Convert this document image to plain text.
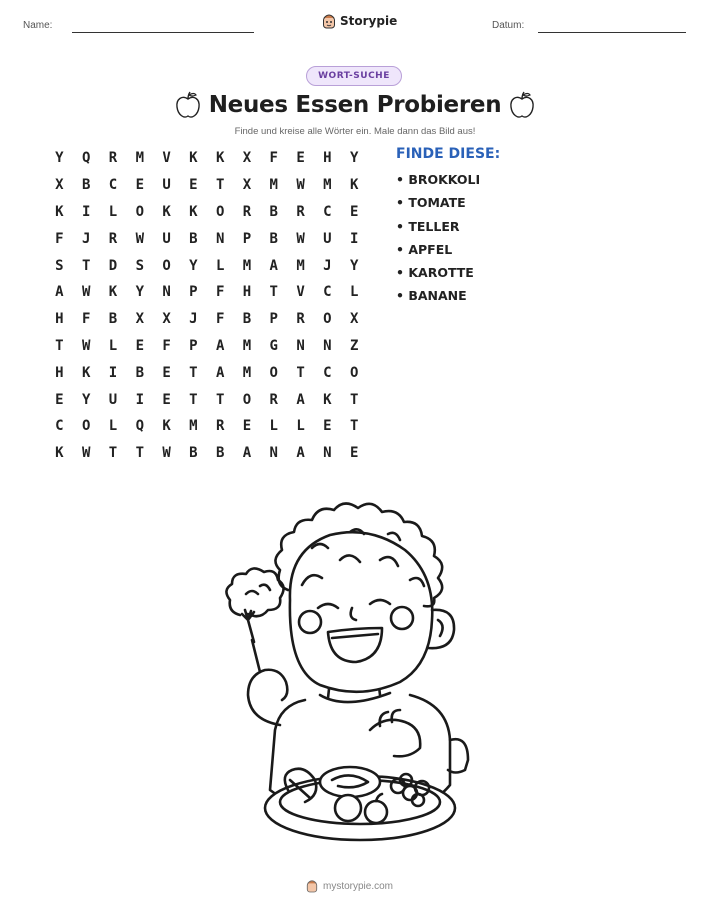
Name:	Storypie	Datum:
WORT-SUCHE
Neues Essen Probieren
Finde und kreise alle Wörter ein. Male dann das Bild aus!
Y	Q	R	M	V	K	K	X	F	E	H	Y
X	B	C	E	U	E	T	X	M	W	M	K
K	I	L	O	K	K	O	R	B	R	C	E
F	J	R	W	U	B	N	P	B	W	U	I
S	T	D	S	O	Y	L	M	A	M	J	Y
A	W	K	Y	N	P	F	H	T	V	C	L
H	F	B	X	X	J	F	B	P	R	O	X
T	W	L	E	F	P	A	M	G	N	N	Z
H	K	I	B	E	T	A	M	O	T	C	O
E	Y	U	I	E	T	T	O	R	A	K	T
C	O	L	Q	K	M	R	E	L	L	E	T
K	W	T	T	W	B	B	A	N	A	N	E
FINDE DIESE:
• BROKKOLI
• TOMATE
• TELLER
• APFEL
• KAROTTE
• BANANE
mystorypie.com
